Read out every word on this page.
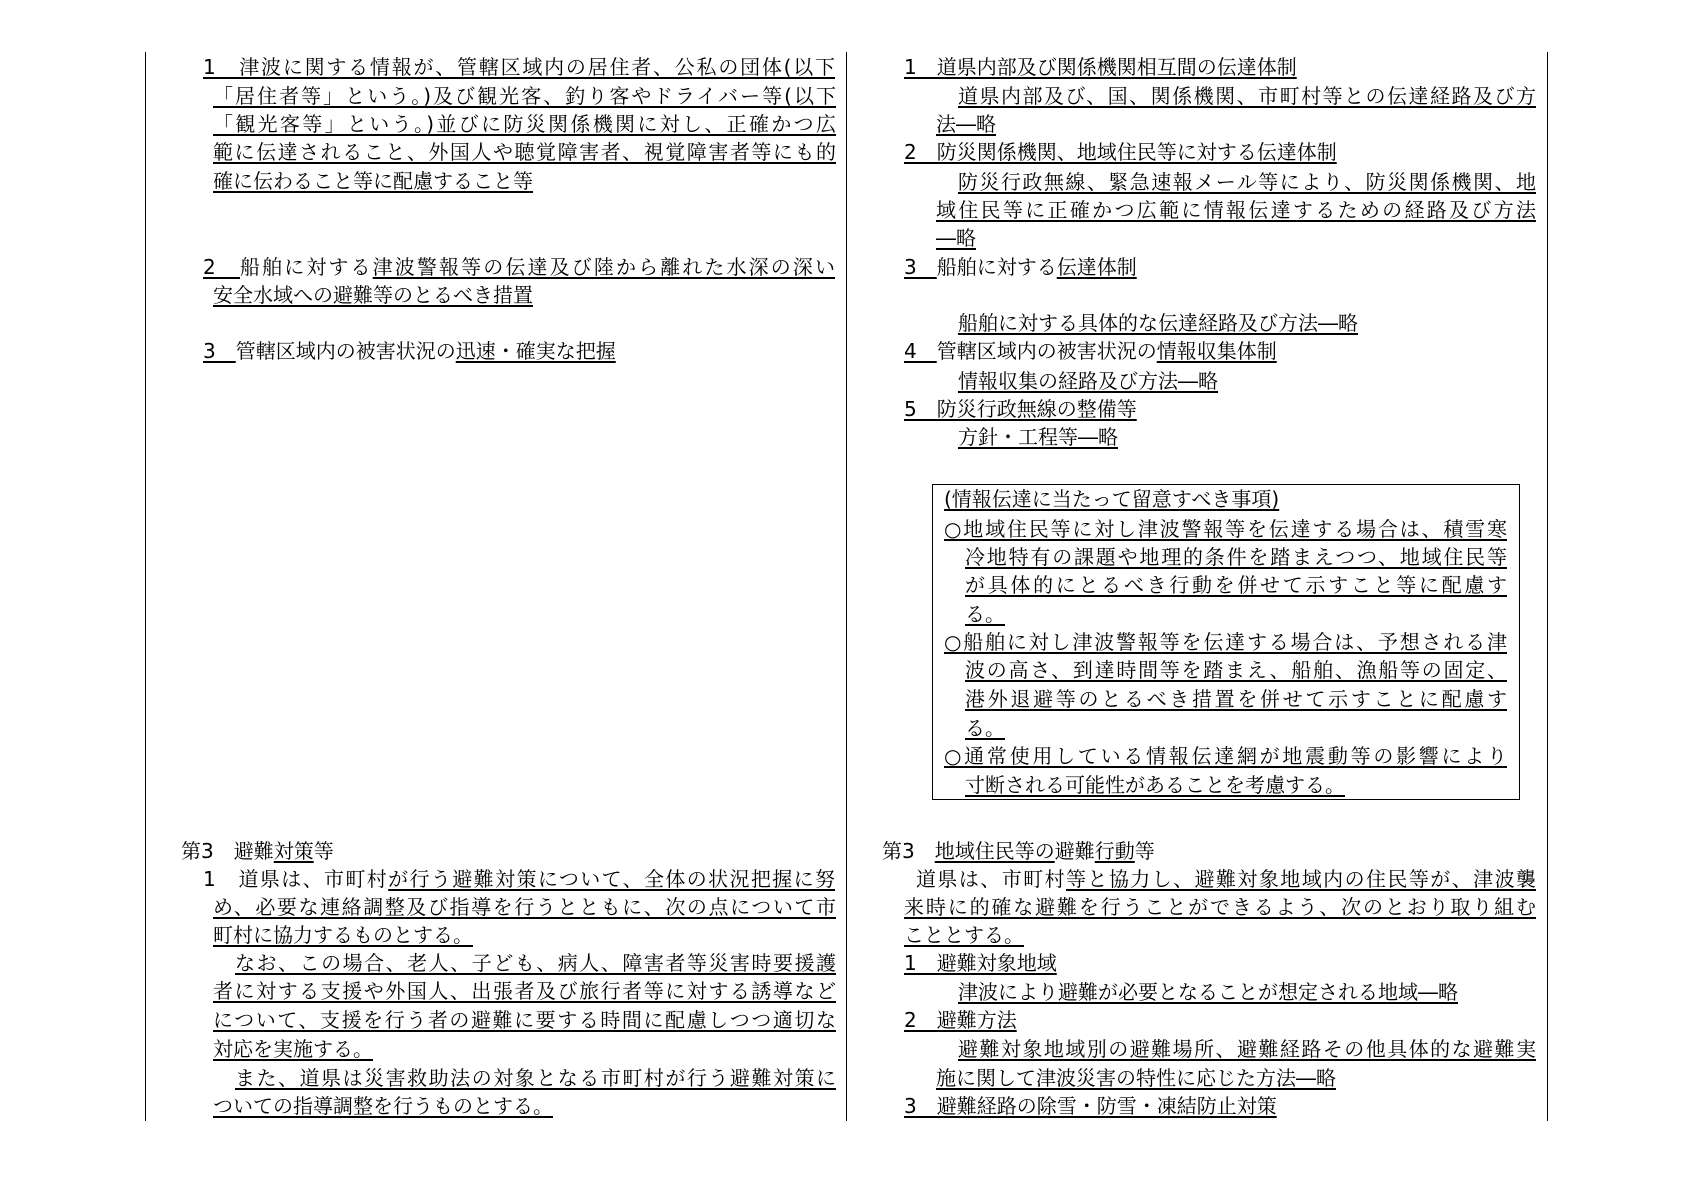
1　津波に関する情報が、管轄区域内の居住者、公私の団体(以下
「居住者等」という。)及び観光客、釣り客やドライバー等(以下
「観光客等」という。)並びに防災関係機関に対し、正確かつ広
範に伝達されること、外国人や聴覚障害者、視覚障害者等にも的
確に伝わること等に配慮すること等
2　船舶に対する津波警報等の伝達及び陸から離れた水深の深い
安全水域への避難等のとるべき措置
3　管轄区域内の被害状況の迅速・確実な把握
第3　避難対策等
1　道県は、市町村が行う避難対策について、全体の状況把握に努
め、必要な連絡調整及び指導を行うとともに、次の点について市
町村に協力するものとする。
なお、この場合、老人、子ども、病人、障害者等災害時要援護
者に対する支援や外国人、出張者及び旅行者等に対する誘導など
について、支援を行う者の避難に要する時間に配慮しつつ適切な
対応を実施する。
また、道県は災害救助法の対象となる市町村が行う避難対策に
ついての指導調整を行うものとする。
1　道県内部及び関係機関相互間の伝達体制
道県内部及び、国、関係機関、市町村等との伝達経路及び方
法―略
2　防災関係機関、地域住民等に対する伝達体制
防災行政無線、緊急速報メール等により、防災関係機関、地
域住民等に正確かつ広範に情報伝達するための経路及び方法
―略
3　船舶に対する伝達体制
船舶に対する具体的な伝達経路及び方法―略
4　管轄区域内の被害状況の情報収集体制
情報収集の経路及び方法―略
5　防災行政無線の整備等
方針・工程等―略
第3　地域住民等の避難行動等
道県は、市町村等と協力し、避難対象地域内の住民等が、津波襲
来時に的確な避難を行うことができるよう、次のとおり取り組む
こととする。
1　避難対象地域
津波により避難が必要となることが想定される地域―略
2　避難方法
避難対象地域別の避難場所、避難経路その他具体的な避難実
施に関して津波災害の特性に応じた方法―略
3　避難経路の除雪・防雪・凍結防止対策
(情報伝達に当たって留意すべき事項)
○地域住民等に対し津波警報等を伝達する場合は、積雪寒
冷地特有の課題や地理的条件を踏まえつつ、地域住民等
が具体的にとるべき行動を併せて示すこと等に配慮す
る。
○船舶に対し津波警報等を伝達する場合は、予想される津
波の高さ、到達時間等を踏まえ、船舶、漁船等の固定、
港外退避等のとるべき措置を併せて示すことに配慮す
る。
○通常使用している情報伝達網が地震動等の影響により
寸断される可能性があることを考慮する。
